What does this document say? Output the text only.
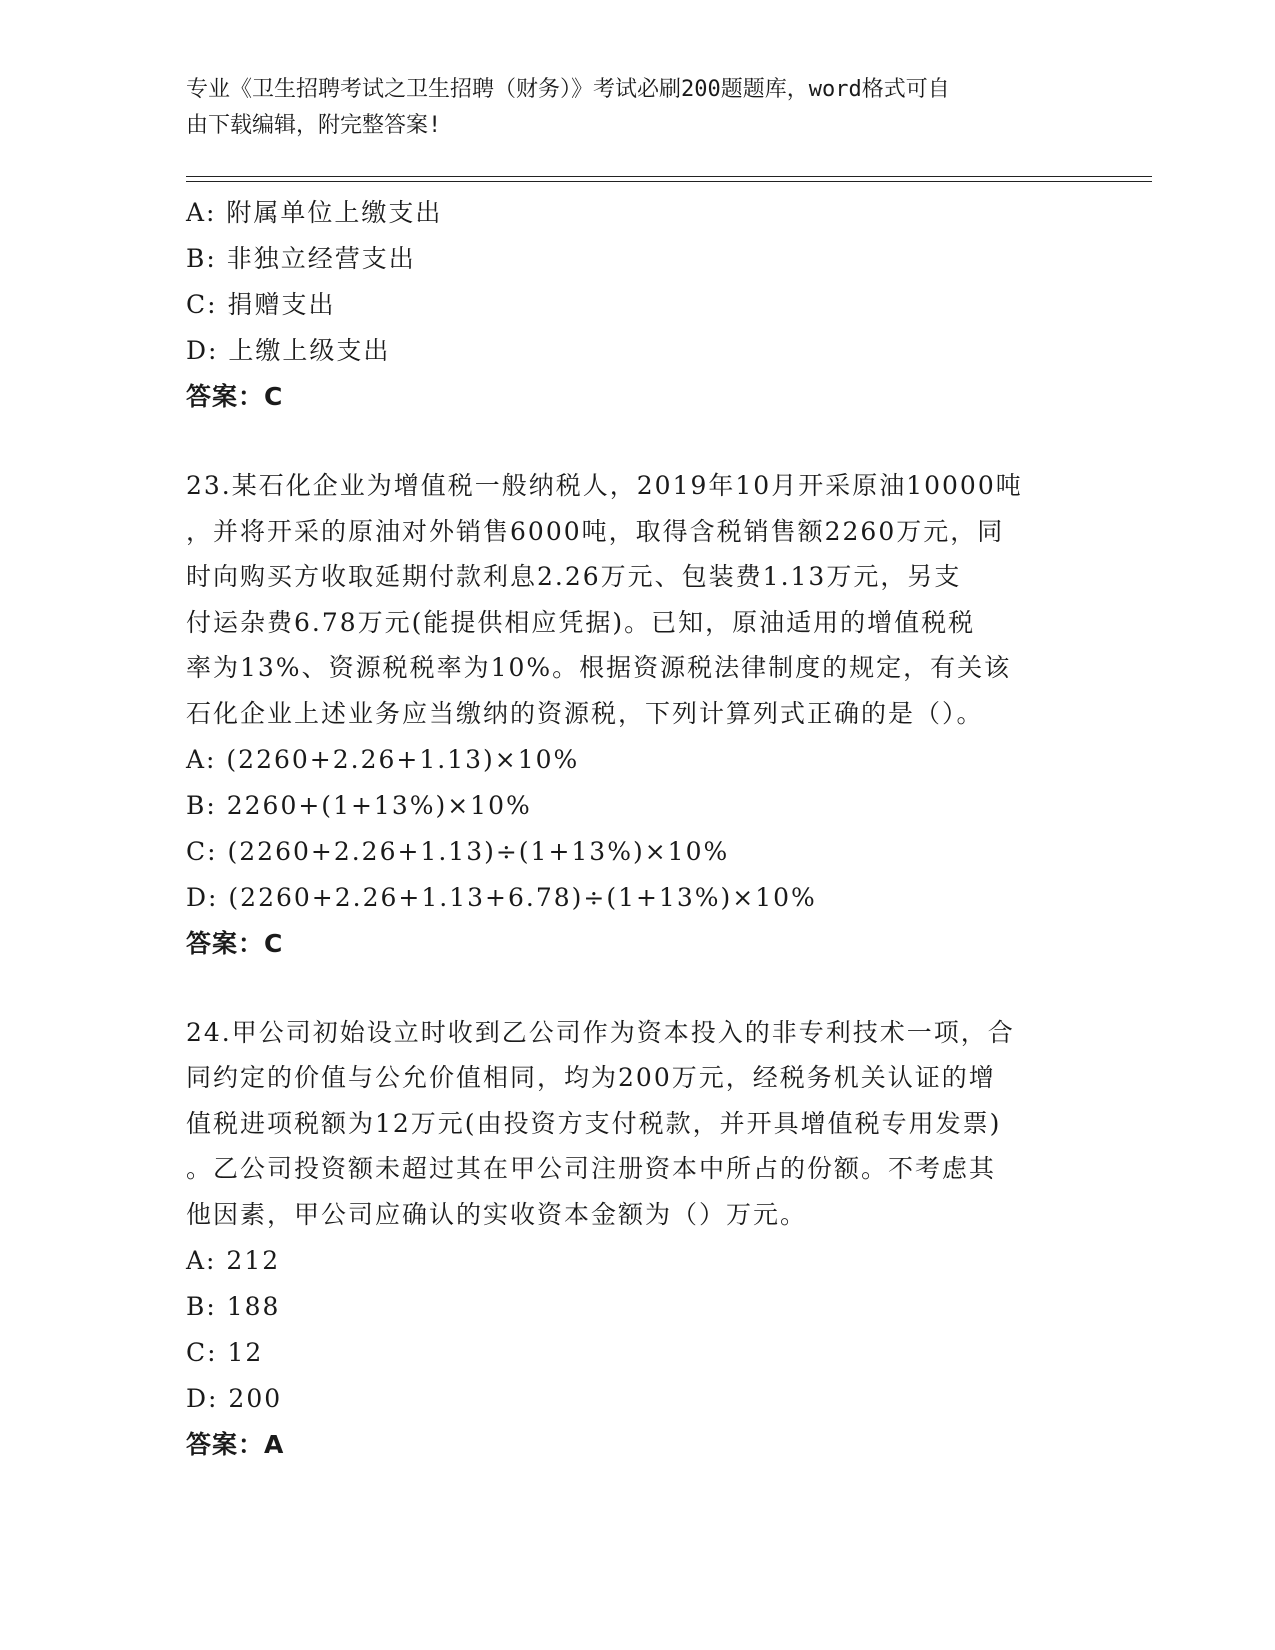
专业《卫生招聘考试之卫生招聘（财务）》考试必刷200题题库，word格式可自
由下载编辑，附完整答案!
A: 附属单位上缴支出
B: 非独立经营支出
C: 捐赠支出
D: 上缴上级支出
答案：C
23.某石化企业为增值税一般纳税人，2019年10月开采原油10000吨
，并将开采的原油对外销售6000吨，取得含税销售额2260万元，同
时向购买方收取延期付款利息2.26万元、包装费1.13万元，另支
付运杂费6.78万元(能提供相应凭据)。已知，原油适用的增值税税
率为13%、资源税税率为10%。根据资源税法律制度的规定，有关该
石化企业上述业务应当缴纳的资源税，下列计算列式正确的是（）。
A: (2260+2.26+1.13)×10%
B: 2260+(1+13%)×10%
C: (2260+2.26+1.13)÷(1+13%)×10%
D: (2260+2.26+1.13+6.78)÷(1+13%)×10%
答案：C
24.甲公司初始设立时收到乙公司作为资本投入的非专利技术一项，合
同约定的价值与公允价值相同，均为200万元，经税务机关认证的增
值税进项税额为12万元(由投资方支付税款，并开具增值税专用发票)
。乙公司投资额未超过其在甲公司注册资本中所占的份额。不考虑其
他因素，甲公司应确认的实收资本金额为（）万元。
A: 212
B: 188
C: 12
D: 200
答案：A
